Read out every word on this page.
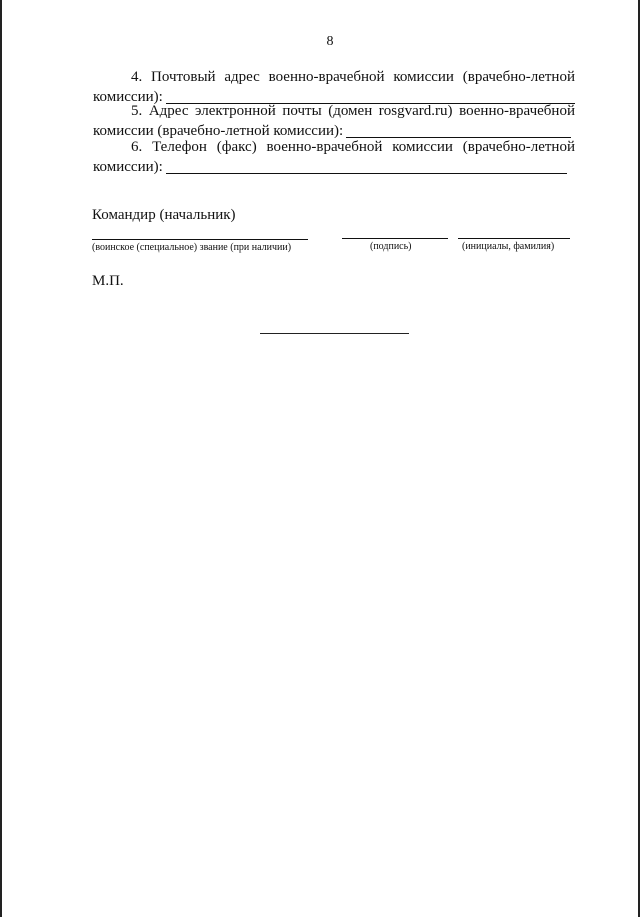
8
4. Почтовый адрес военно-врачебной комиссии (врачебно-летной
комиссии):
5. Адрес электронной почты (домен rosgvard.ru) военно-врачебной
комиссии (врачебно-летной комиссии):
6. Телефон (факс) военно-врачебной комиссии (врачебно-летной
комиссии):
Командир (начальник)
(воинское (специальное) звание (при наличии)	(подпись)	(инициалы, фамилия)
М.П.
